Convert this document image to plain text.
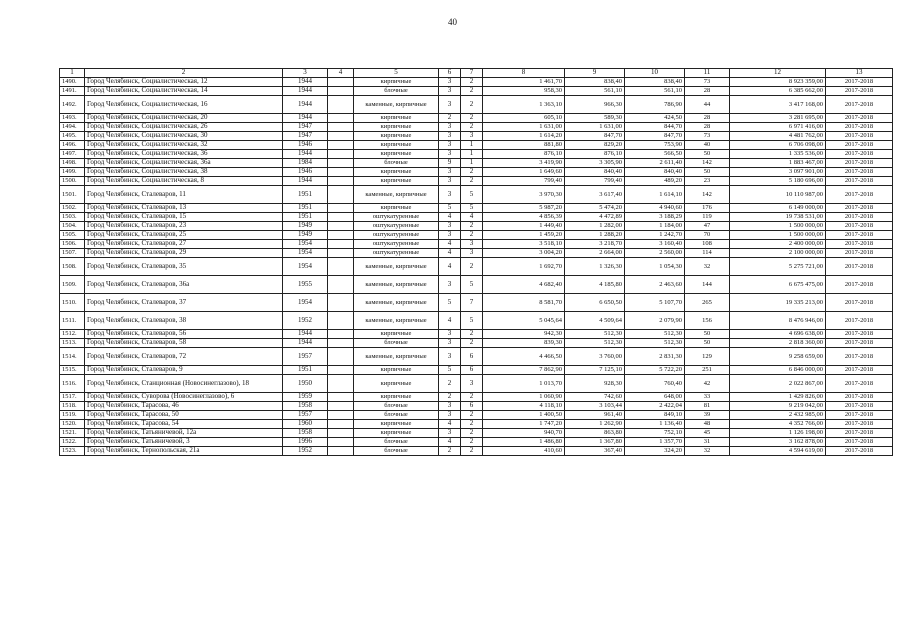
40
1	2	3	4	5	6	7	8	9	10	11	12	13
1490.	Город Челябинск, Социалистическая, 12	1944		кирпичные	3	2	1 461,70	838,40	838,40	73	8 923 359,00	2017-2018
1491.	Город Челябинск, Социалистическая, 14	1944		блочные	3	2	958,30	561,10	561,10	28	6 385 662,00	2017-2018
1492.	Город Челябинск, Социалистическая, 16	1944		каменные, кирпичные	3	2	1 363,10	966,30	786,90	44	3 417 168,00	2017-2018
1493.	Город Челябинск, Социалистическая, 20	1944		кирпичные	2	2	605,10	589,30	424,50	28	3 281 695,00	2017-2018
1494.	Город Челябинск, Социалистическая, 26	1947		кирпичные	3	2	1 631,00	1 631,00	844,70	28	6 971 416,00	2017-2018
1495.	Город Челябинск, Социалистическая, 30	1947		кирпичные	3	3	1 614,20	847,70	847,70	73	4 481 762,00	2017-2018
1496.	Город Челябинск, Социалистическая, 32	1946		кирпичные	3	1	881,80	829,20	753,90	40	6 706 098,00	2017-2018
1497.	Город Челябинск, Социалистическая, 36	1944		кирпичные	3	1	876,10	876,10	566,50	50	1 335 536,00	2017-2018
1498.	Город Челябинск, Социалистическая, 36а	1984		блочные	9	1	3 419,90	3 305,90	2 611,40	142	1 883 467,00	2017-2018
1499.	Город Челябинск, Социалистическая, 38	1946		кирпичные	3	2	1 649,60	840,40	840,40	50	3 097 901,00	2017-2018
1500.	Город Челябинск, Социалистическая, 8	1944		кирпичные	3	2	799,40	799,40	489,20	23	5 180 696,00	2017-2018
1501.	Город Челябинск, Сталеваров, 11	1951		каменные, кирпичные	3	5	3 970,30	3 617,40	1 614,10	142	10 110 987,00	2017-2018
1502.	Город Челябинск, Сталеваров, 13	1951		кирпичные	5	5	5 987,20	5 474,20	4 940,60	176	6 149 000,00	2017-2018
1503.	Город Челябинск, Сталеваров, 15	1951		оштукатуренные	4	4	4 856,39	4 472,89	3 188,29	119	19 738 531,00	2017-2018
1504.	Город Челябинск, Сталеваров, 23	1949		оштукатуренные	3	2	1 449,40	1 282,00	1 184,00	47	1 500 000,00	2017-2018
1505.	Город Челябинск, Сталеваров, 25	1949		оштукатуренные	3	2	1 459,20	1 288,20	1 242,70	70	1 500 000,00	2017-2018
1506.	Город Челябинск, Сталеваров, 27	1954		оштукатуренные	4	3	3 518,10	3 218,70	3 160,40	108	2 400 000,00	2017-2018
1507.	Город Челябинск, Сталеваров, 29	1954		оштукатуренные	4	3	3 004,20	2 664,00	2 560,00	114	2 100 000,00	2017-2018
1508.	Город Челябинск, Сталеваров, 35	1954		каменные, кирпичные	4	2	1 692,70	1 326,30	1 054,30	32	5 275 721,00	2017-2018
1509.	Город Челябинск, Сталеваров, 36а	1955		каменные, кирпичные	3	5	4 682,40	4 185,80	2 463,60	144	6 675 475,00	2017-2018
1510.	Город Челябинск, Сталеваров, 37	1954		каменные, кирпичные	5	7	8 581,70	6 650,50	5 107,70	265	19 335 213,00	2017-2018
1511.	Город Челябинск, Сталеваров, 38	1952		каменные, кирпичные	4	5	5 045,64	4 509,64	2 079,90	156	8 476 946,00	2017-2018
1512.	Город Челябинск, Сталеваров, 56	1944		кирпичные	3	2	942,30	512,30	512,30	50	4 696 638,00	2017-2018
1513.	Город Челябинск, Сталеваров, 58	1944		блочные	3	2	839,30	512,30	512,30	50	2 818 360,00	2017-2018
1514.	Город Челябинск, Сталеваров, 72	1957		каменные, кирпичные	3	6	4 466,50	3 760,00	2 831,30	129	9 258 659,00	2017-2018
1515.	Город Челябинск, Сталеваров, 9	1951		кирпичные	5	6	7 862,90	7 125,10	5 722,20	251	6 846 000,00	2017-2018
1516.	Город Челябинск, Станционная (Новосинеглазово), 18	1950		кирпичные	2	3	1 013,70	928,30	760,40	42	2 022 867,00	2017-2018
1517.	Город Челябинск, Суворова (Новосинеглазово), 6	1959		кирпичные	2	2	1 060,90	742,60	648,00	33	1 429 826,00	2017-2018
1518.	Город Челябинск, Тарасова, 46	1958		блочные	3	6	4 118,10	3 103,44	2 422,04	81	9 219 042,00	2017-2018
1519.	Город Челябинск, Тарасова, 50	1957		блочные	3	2	1 400,50	961,40	849,10	39	2 432 985,00	2017-2018
1520.	Город Челябинск, Тарасова, 54	1960		кирпичные	4	2	1 747,20	1 262,90	1 136,40	48	4 352 766,00	2017-2018
1521.	Город Челябинск, Татьяничевой, 12а	1958		кирпичные	3	2	940,70	863,80	752,10	45	1 126 198,00	2017-2018
1522.	Город Челябинск, Татьяничевой, 3	1996		блочные	4	2	1 486,80	1 367,80	1 357,70	31	3 162 878,00	2017-2018
1523.	Город Челябинск, Тернопольская, 21а	1952		блочные	2	2	410,60	367,40	324,20	32	4 594 619,00	2017-2018
